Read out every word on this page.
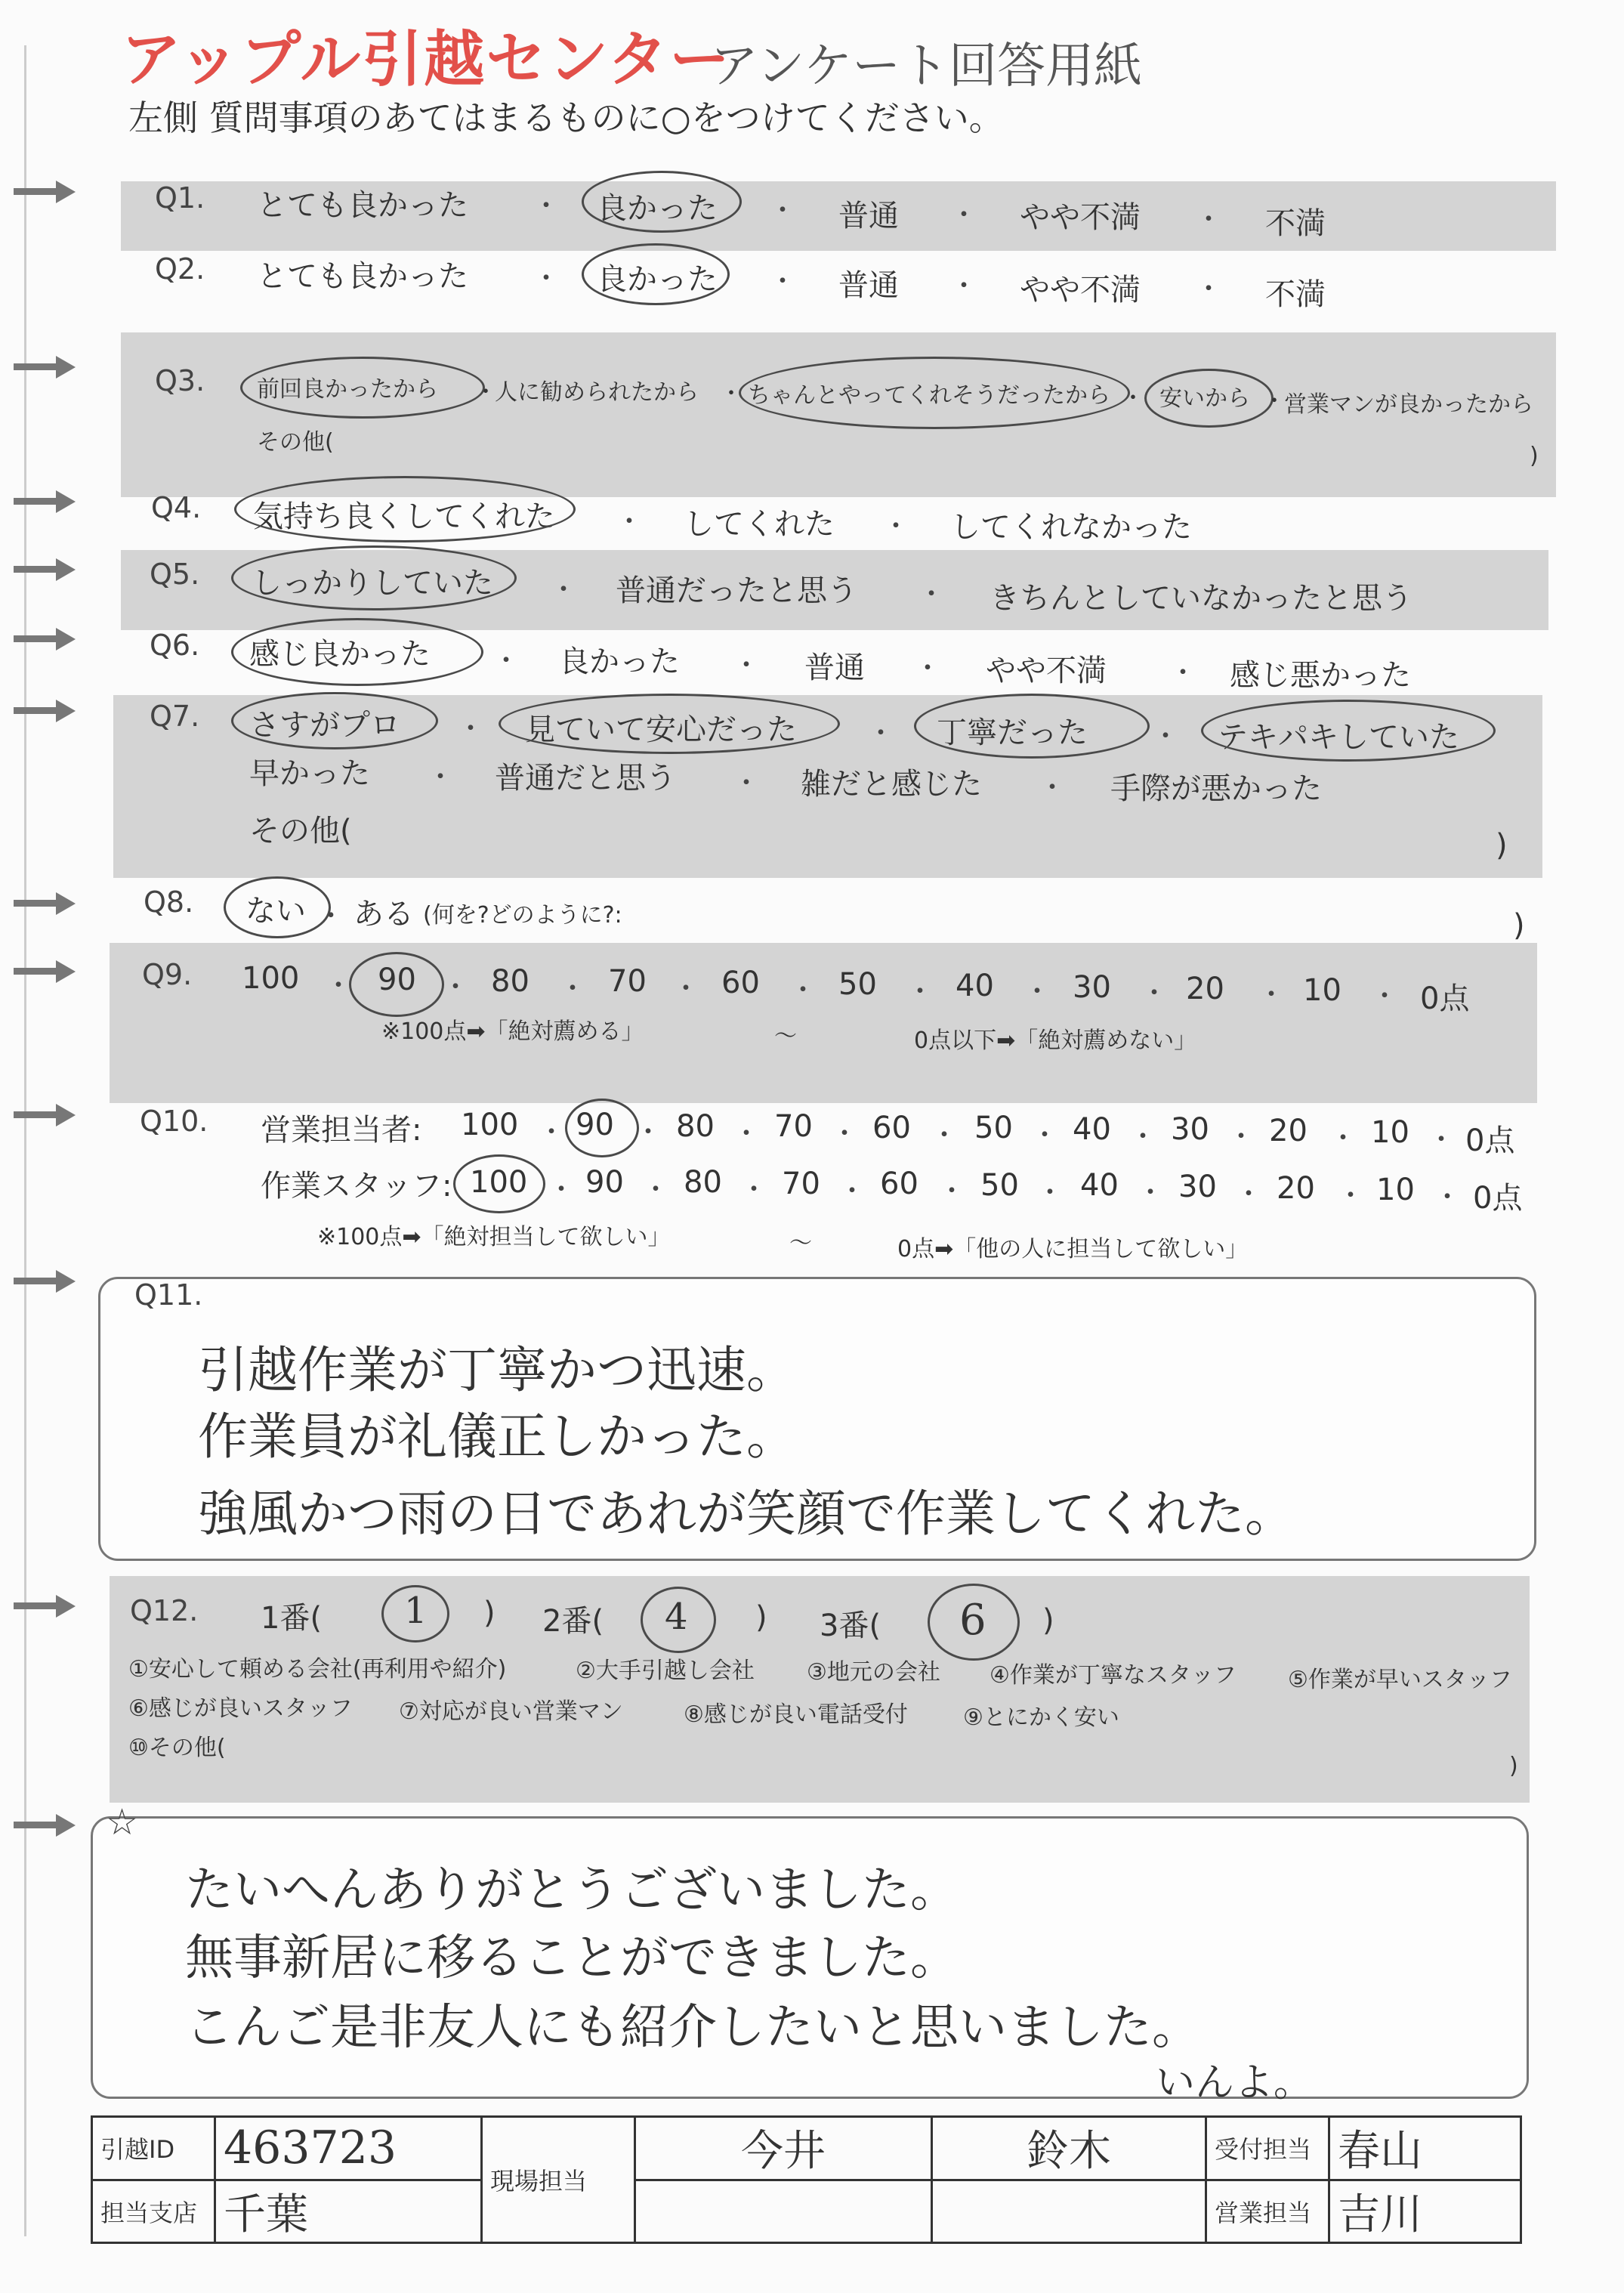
アップル引越センター
アンケート回答用紙
左側 質問事項のあてはまるものに○をつけてください。
Q1. とても良かった ・ 良かった ・ 普通 ・ やや不満 ・ 不満
Q2. とても良かった ・ 良かった ・ 普通 ・ やや不満 ・ 不満
Q3. 前回良かったから ・
人に勧められたから ・ ちゃんとやってくれそうだったから ・ 安いから ・
営業マンが良かったから
その他(
)
Q4. 気持ち良くしてくれた ・ してくれた ・ してくれなかった
Q5. しっかりしていた ・ 普通だったと思う ・ きちんとしていなかったと思う
Q6. 感じ良かった ・ 良かった ・ 普通 ・ やや不満 ・ 感じ悪かった
Q7. さすがプロ ・ 見ていて安心だった	・ 丁寧だった ・ テキパキしていた
早かった ・ 普通だと思う ・ 雑だと感じた ・ 手際が悪かった
その他(	)
Q8. ない ・ ある (何を?どのように?:	)
Q9. 100 ・ 90 ・ 80 ・ 70 ・ 60 ・ 50 ・ 40 ・ 30 ・ 20 ・ 10 ・ 0点
※100点➡「絶対薦める」	〜	0点以下➡「絶対薦めない」
Q10. 営業担当者: 100 ・ 90 ・ 80 ・ 70 ・ 60 ・ 50 ・ 40 ・ 30 ・ 20 ・ 10 ・ 0点
作業スタッフ: 100 ・ 90 ・ 80 ・ 70 ・ 60 ・ 50 ・ 40 ・ 30 ・ 20 ・ 10 ・ 0点
※100点➡「絶対担当して欲しい」	〜	0点➡「他の人に担当して欲しい」
Q11.
引越作業が丁寧かつ迅速。
作業員が礼儀正しかった。
強風かつ雨の日であれが笑顔で作業してくれた。
Q12. 1番( 1 ) 2番( 4 ) 3番( 6 )
①安心して頼める会社(再利用や紹介)	②大手引越し会社 ③地元の会社 ④作業が丁寧なスタッフ ⑤作業が早いスタッフ
⑥感じが良いスタッフ ⑦対応が良い営業マン	⑧感じが良い電話受付 ⑨とにかく安い
⑩その他(
)
☆
たいへんありがとうございました。
無事新居に移ることができました。
こんご是非友人にも紹介したいと思いました。
いんよ。
引越ID	463723	現場担当	今井	鈴木	受付担当	春山
担当支店	千葉				営業担当	吉川
